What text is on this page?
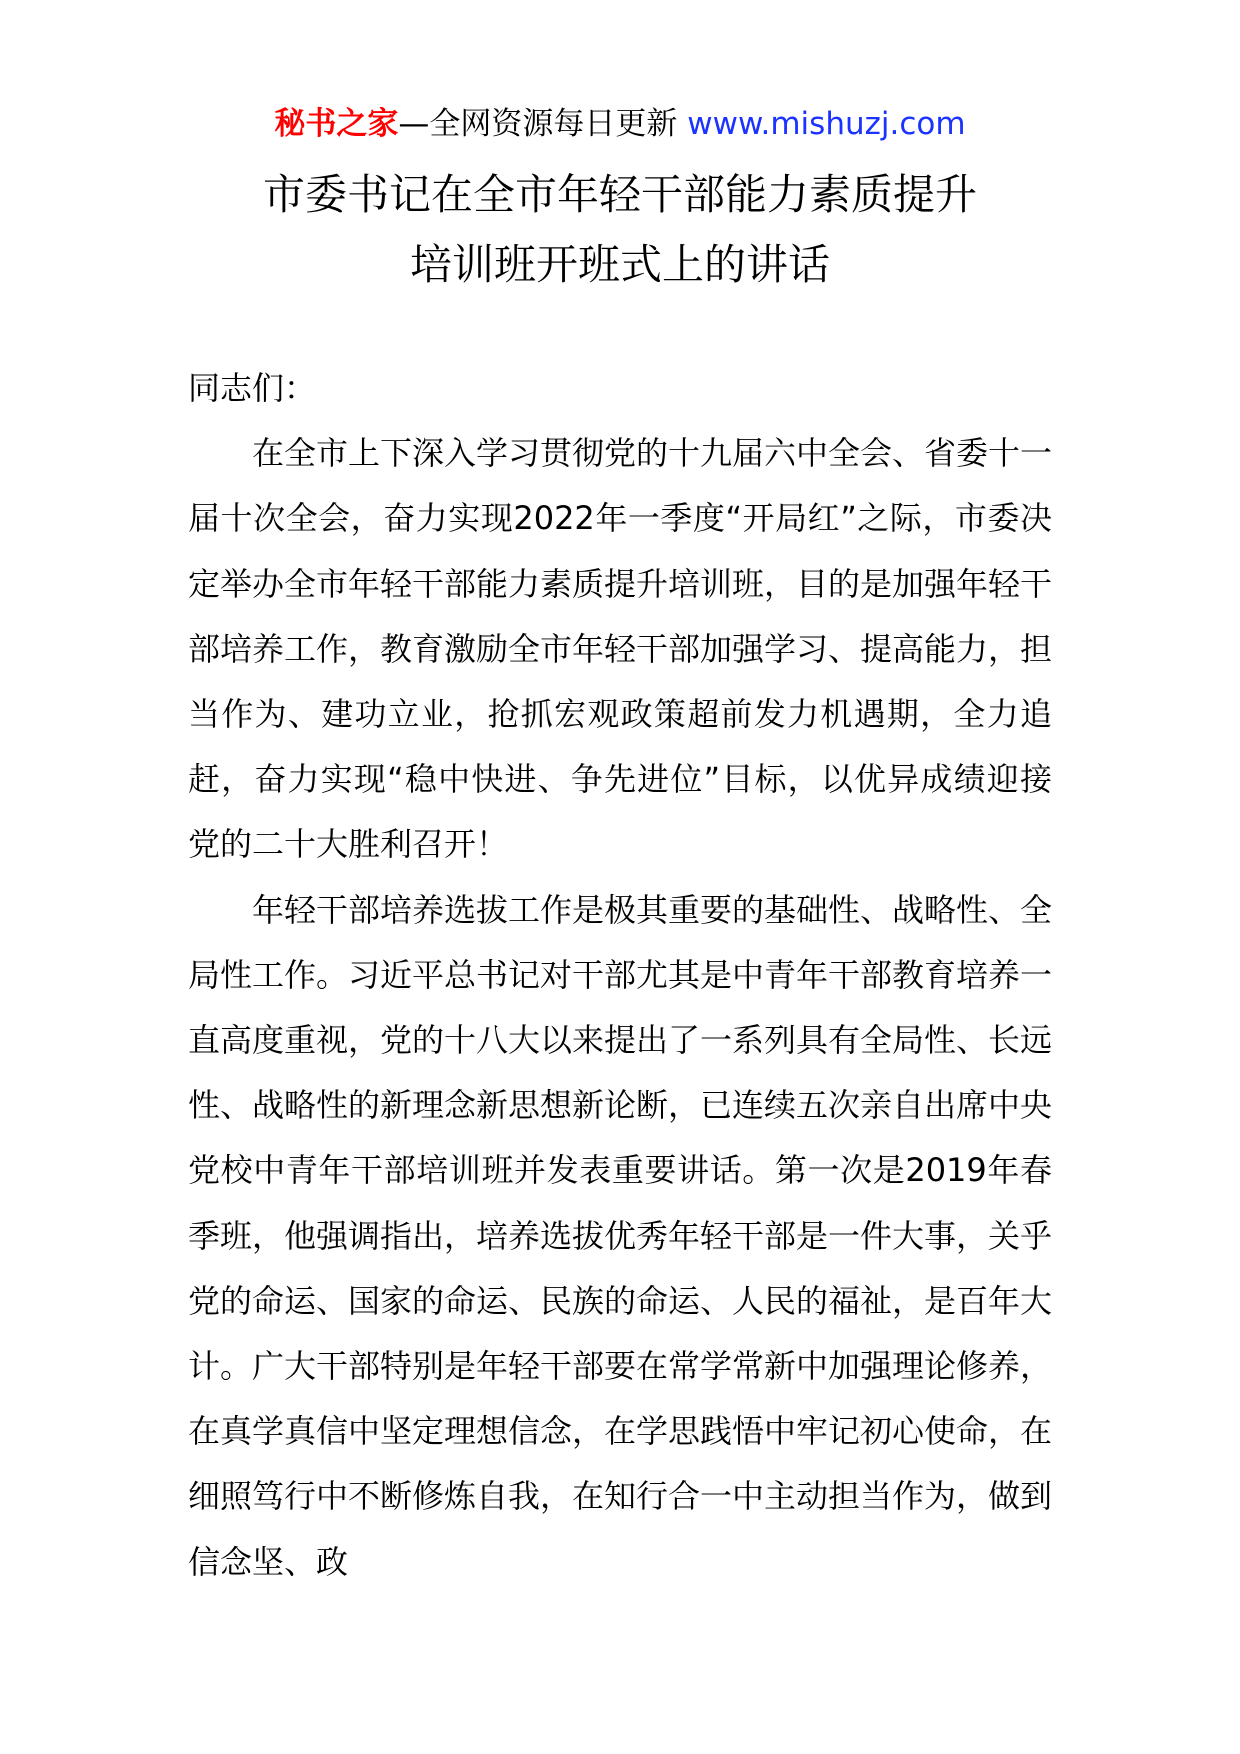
秘书之家—全网资源每日更新 www.mishuzj.com
市委书记在全市年轻干部能力素质提升
培训班开班式上的讲话
同志们：

在全市上下深入学习贯彻党的十九届六中全会、省委十一届十次全会，奋力实现2022年一季度“开局红”之际，市委决定举办全市年轻干部能力素质提升培训班，目的是加强年轻干部培养工作，教育激励全市年轻干部加强学习、提高能力，担当作为、建功立业，抢抓宏观政策超前发力机遇期，全力追赶，奋力实现“稳中快进、争先进位”目标，以优异成绩迎接党的二十大胜利召开！

年轻干部培养选拔工作是极其重要的基础性、战略性、全局性工作。习近平总书记对干部尤其是中青年干部教育培养一直高度重视，党的十八大以来提出了一系列具有全局性、长远性、战略性的新理念新思想新论断，已连续五次亲自出席中央党校中青年干部培训班并发表重要讲话。第一次是2019年春季班，他强调指出，培养选拔优秀年轻干部是一件大事，关乎党的命运、国家的命运、民族的命运、人民的福祉，是百年大计。广大干部特别是年轻干部要在常学常新中加强理论修养，在真学真信中坚定理想信念，在学思践悟中牢记初心使命，在细照笃行中不断修炼自我，在知行合一中主动担当作为，做到信念坚、政
